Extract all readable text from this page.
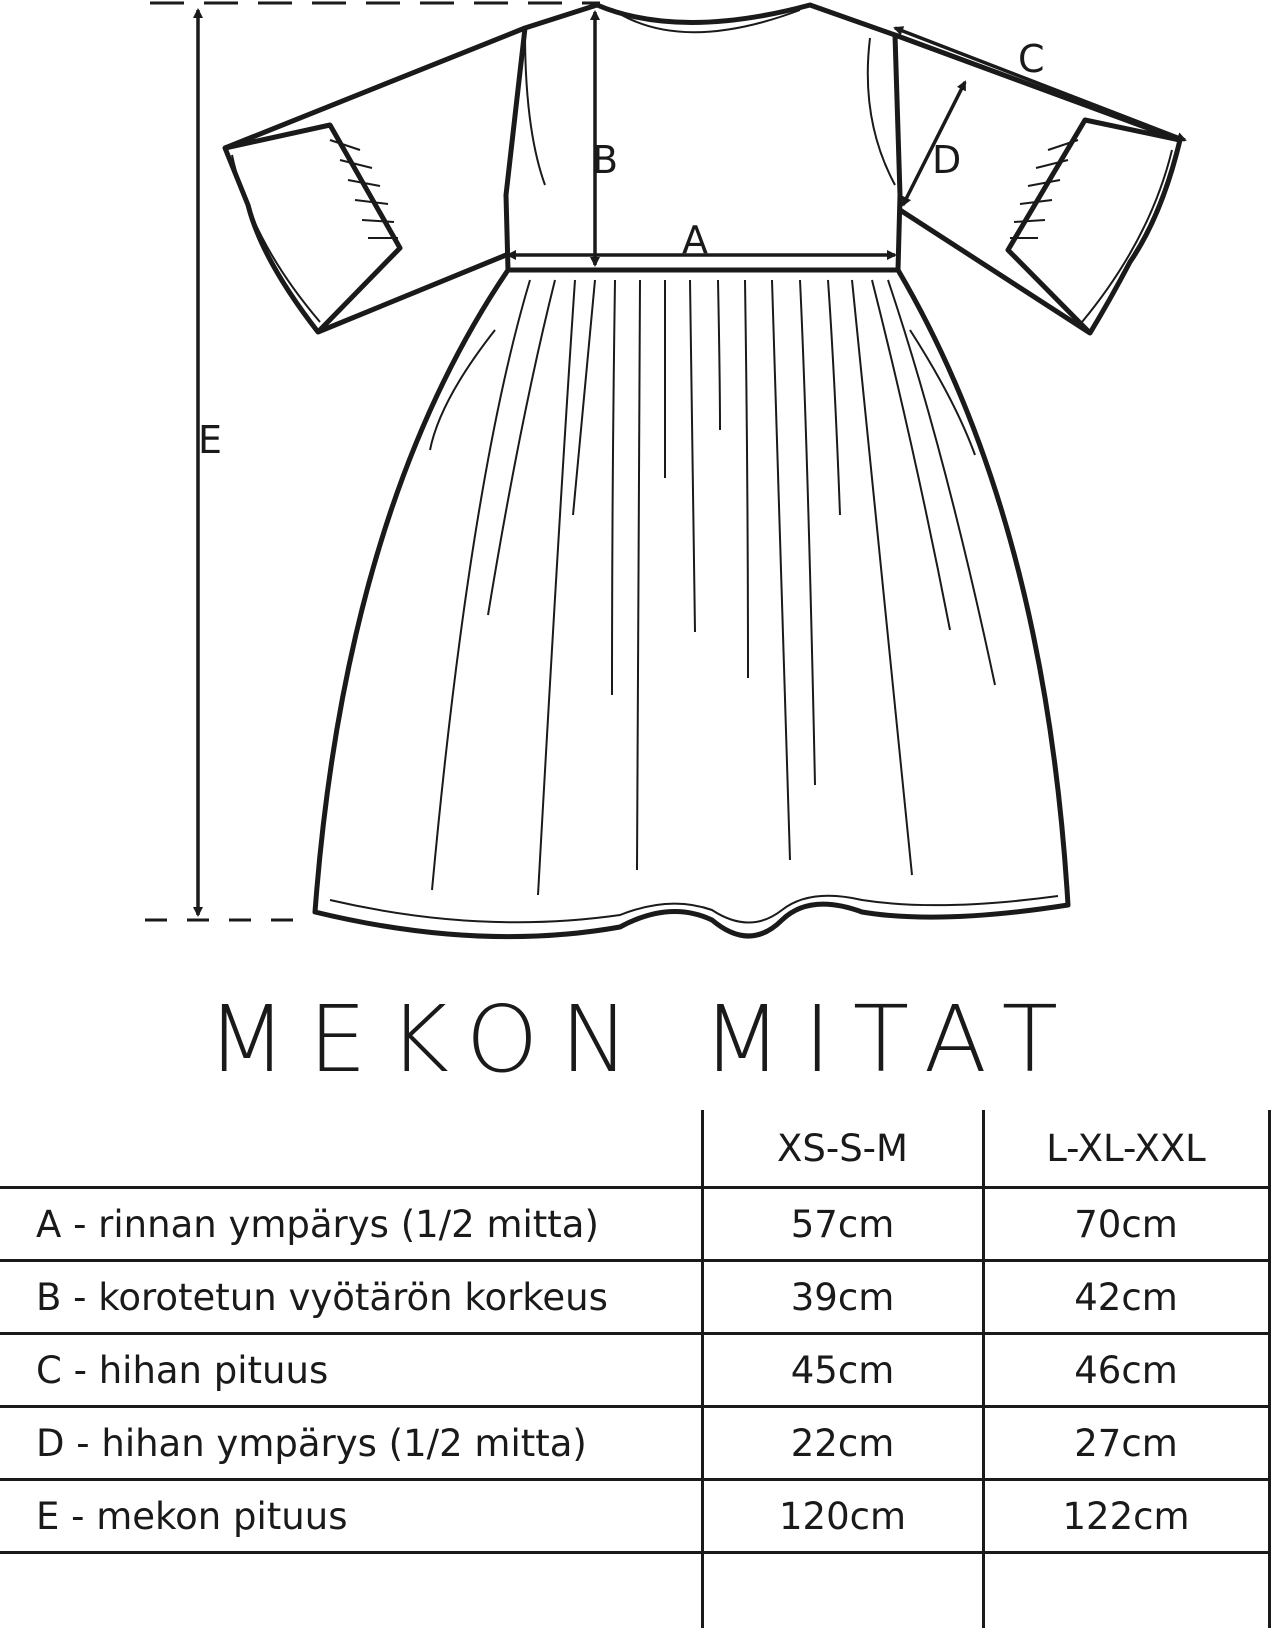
A
B
C
D
E
MEKON MITAT
	XS-S-M	L-XL-XXL
A - rinnan ympärys (1/2 mitta)	57cm	70cm
B - korotetun vyötärön korkeus	39cm	42cm
C - hihan pituus	45cm	46cm
D - hihan ympärys (1/2 mitta)	22cm	27cm
E - mekon pituus	120cm	122cm
